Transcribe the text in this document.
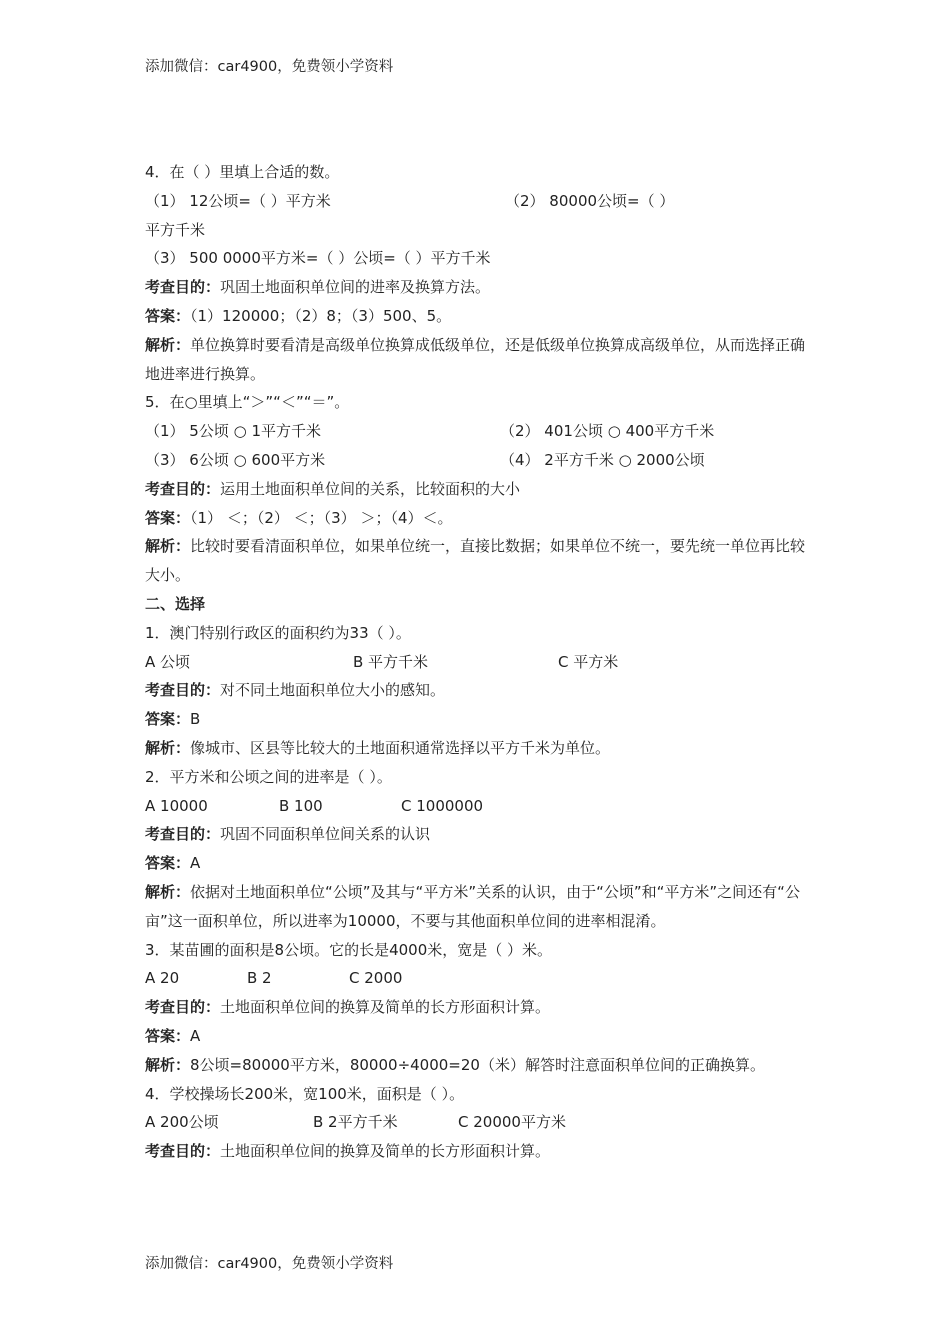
添加微信：car4900，免费领小学资料
4．在（ ）里填上合适的数。
（1） 12公顷=（ ）平方米	（2） 80000公顷=（ ）
平方千米
（3） 500 0000平方米=（ ）公顷=（ ）平方千米
考查目的：巩固土地面积单位间的进率及换算方法。
答案：（1）120000；（2）8；（3）500、5。
解析：单位换算时要看清是高级单位换算成低级单位，还是低级单位换算成高级单位，从而选择正确地进率进行换算。
5．在○里填上“＞”“＜”“＝”。
（1） 5公顷 ○ 1平方千米	（2） 401公顷 ○ 400平方千米
（3） 6公顷 ○ 600平方米	（4） 2平方千米 ○ 2000公顷
考查目的：运用土地面积单位间的关系，比较面积的大小
答案：（1） ＜；（2） ＜；（3） ＞；（4）＜。
解析：比较时要看清面积单位，如果单位统一，直接比数据；如果单位不统一，要先统一单位再比较大小。
二、选择
1．澳门特别行政区的面积约为33（ ）。
A 公顷	B 平方千米	C 平方米
考查目的：对不同土地面积单位大小的感知。
答案：B
解析：像城市、区县等比较大的土地面积通常选择以平方千米为单位。
2．平方米和公顷之间的进率是（ ）。
A 10000	B 100	C 1000000
考查目的：巩固不同面积单位间关系的认识
答案：A
解析：依据对土地面积单位“公顷”及其与“平方米”关系的认识，由于“公顷”和“平方米”之间还有“公亩”这一面积单位，所以进率为10000，不要与其他面积单位间的进率相混淆。
3．某苗圃的面积是8公顷。它的长是4000米，宽是（ ）米。
A 20	B 2	C 2000
考查目的：土地面积单位间的换算及简单的长方形面积计算。
答案：A
解析：8公顷=80000平方米，80000÷4000=20（米）解答时注意面积单位间的正确换算。
4．学校操场长200米，宽100米，面积是（ ）。
A 200公顷	B 2平方千米	C 20000平方米
考查目的：土地面积单位间的换算及简单的长方形面积计算。
添加微信：car4900，免费领小学资料
